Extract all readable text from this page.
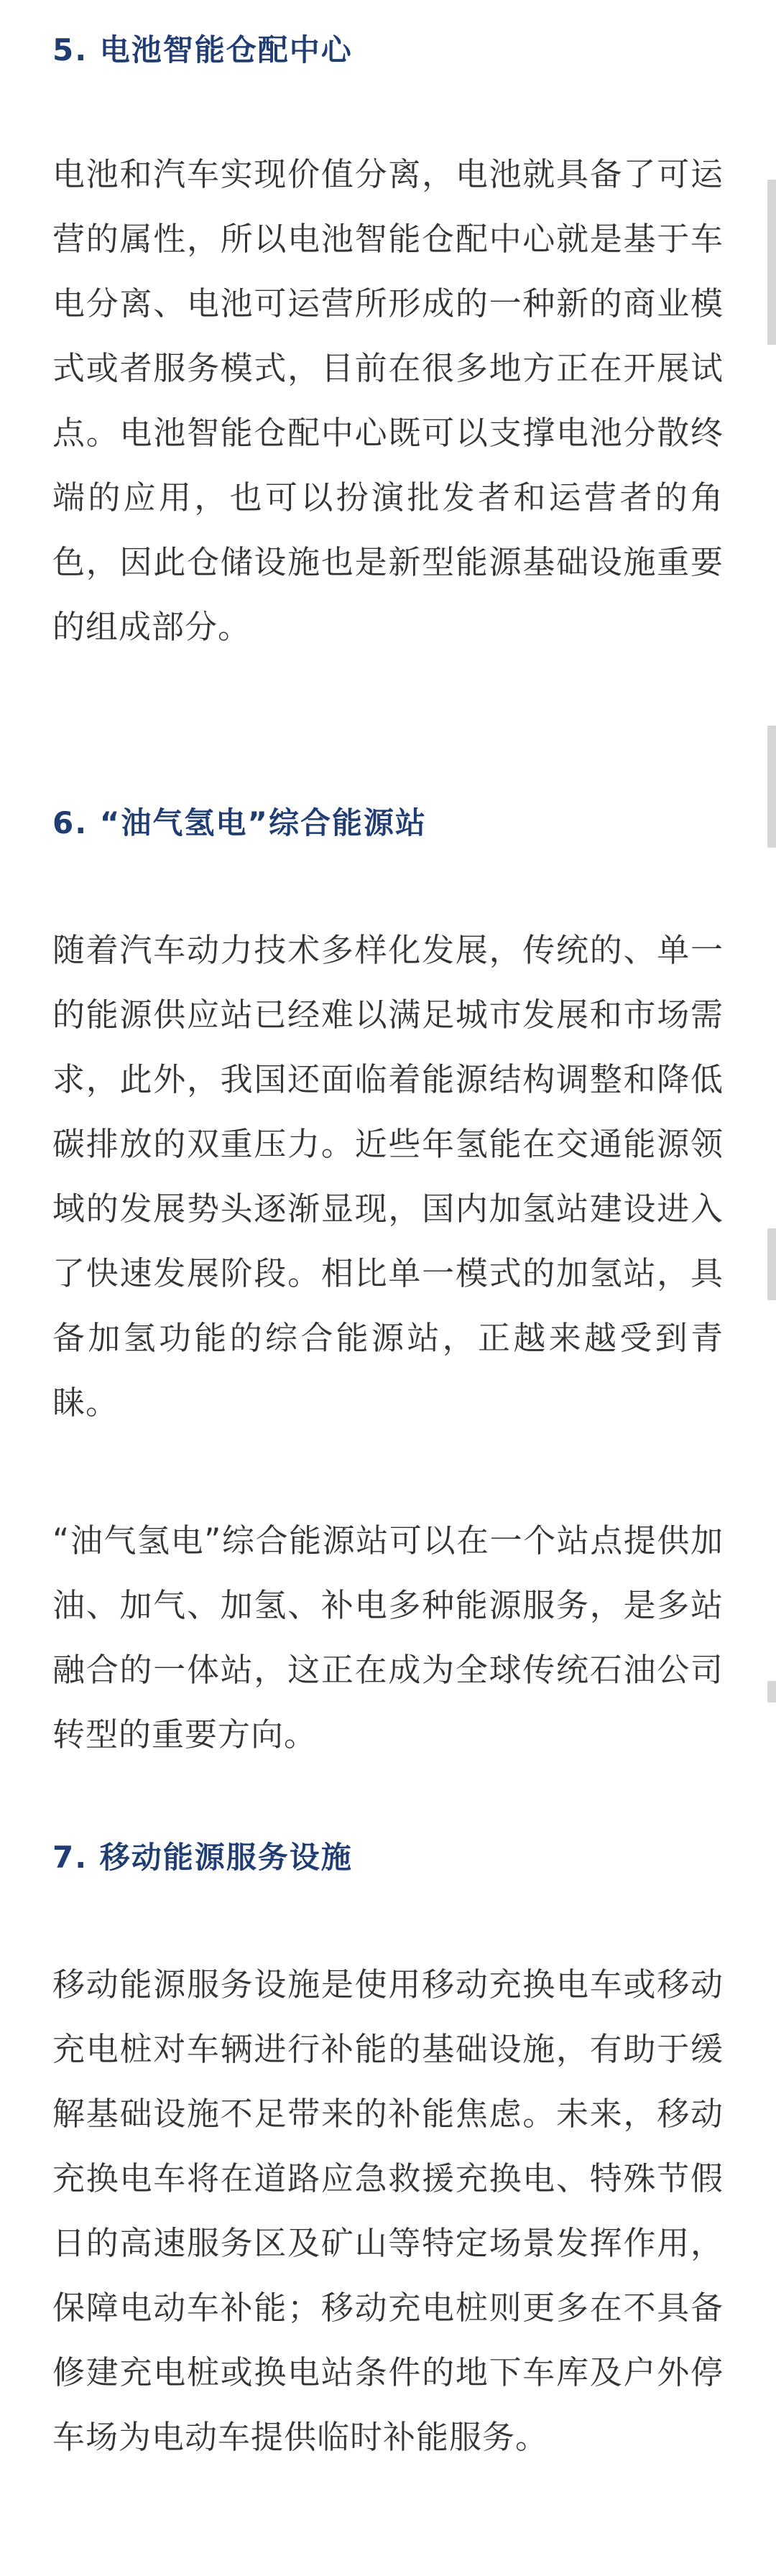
5. 电池智能仓配中心

电池和汽车实现价值分离，电池就具备了可运营的属性，所以电池智能仓配中心就是基于车电分离、电池可运营所形成的一种新的商业模式或者服务模式，目前在很多地方正在开展试点。电池智能仓配中心既可以支撑电池分散终端的应用，也可以扮演批发者和运营者的角色，因此仓储设施也是新型能源基础设施重要的组成部分。

6. “油气氢电”综合能源站

随着汽车动力技术多样化发展，传统的、单一的能源供应站已经难以满足城市发展和市场需求，此外，我国还面临着能源结构调整和降低碳排放的双重压力。近些年氢能在交通能源领域的发展势头逐渐显现，国内加氢站建设进入了快速发展阶段。相比单一模式的加氢站，具备加氢功能的综合能源站，正越来越受到青睐。

“油气氢电”综合能源站可以在一个站点提供加油、加气、加氢、补电多种能源服务，是多站融合的一体站，这正在成为全球传统石油公司转型的重要方向。

7. 移动能源服务设施

移动能源服务设施是使用移动充换电车或移动充电桩对车辆进行补能的基础设施，有助于缓解基础设施不足带来的补能焦虑。未来，移动充换电车将在道路应急救援充换电、特殊节假日的高速服务区及矿山等特定场景发挥作用，保障电动车补能；移动充电桩则更多在不具备修建充电桩或换电站条件的地下车库及户外停车场为电动车提供临时补能服务。
